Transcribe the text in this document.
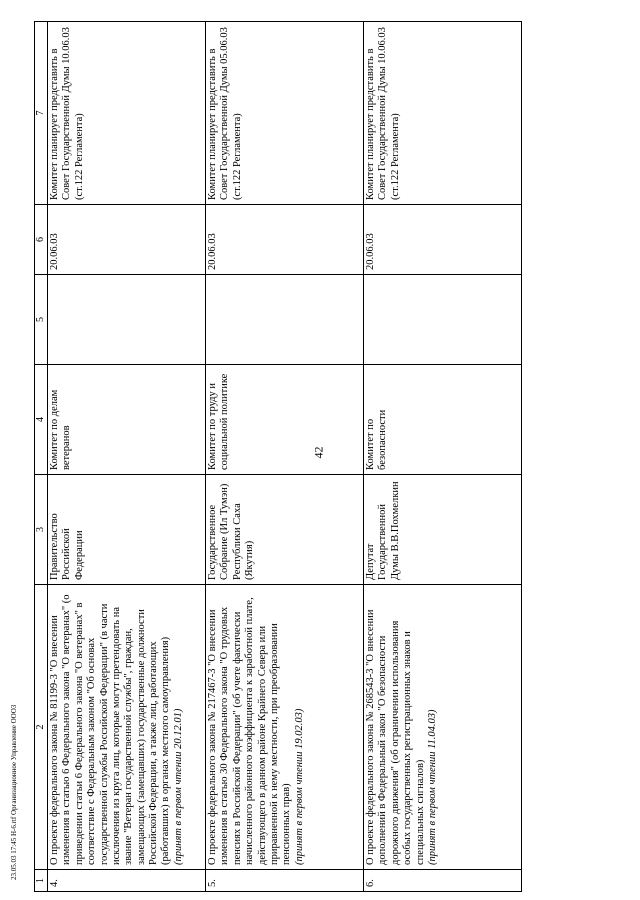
42
23.05.03 17:45 Н-6.rtf Организационное Управление ООО3
1	2	3	4	5	6	7
4.	О проекте федерального закона № 81199-3 "О внесении изменения в статью 6 Федерального закона "О ветеранах" (о приведении статьи 6 Федерального закона "О ветеранах" в соответствие с Федеральным законом "Об основах государственной службы Российской Федерации" (в части исключения из круга лиц, которые могут претендовать на звание "Ветеран государственной службы", граждан, замещающих (замещавших) государственные должности Российской Федерации, а также лиц, работающих (работавших) в органах местного самоуправления) (принят в первом чтении 20.12.01)	Правительство Российской Федерации	Комитет по делам ветеранов		20.06.03	Комитет планирует представить в Совет Государственной Думы 10.06.03 (ст.122 Регламента)
5.	О проекте федерального закона № 217467-3 "О внесении изменения в статью 30 Федерального закона "О трудовых пенсиях в Российской Федерации" (об учете фактически начисленного районного коэффициента к заработной плате, действующего в данном районе Крайнего Севера или приравненной к нему местности, при преобразовании пенсионных прав) (принят в первом чтении 19.02.03)	Государственное Собрание (Ил Тумэн) Республики Саха (Якутия)	Комитет по труду и социальной политике		20.06.03	Комитет планирует представить в Совет Государственной Думы 05.06.03 (ст.122 Регламента)
6.	О проекте федерального закона № 268543-3 "О внесении дополнений в Федеральный закон "О безопасности дорожного движения" (об ограничении использования особых государственных регистрационных знаков и специальных сигналов) (принят в первом чтении 11.04.03)	Депутат Государственной Думы В.В.Похмелкин	Комитет по безопасности		20.06.03	Комитет планирует представить в Совет Государственной Думы 10.06.03 (ст.122 Регламента)
